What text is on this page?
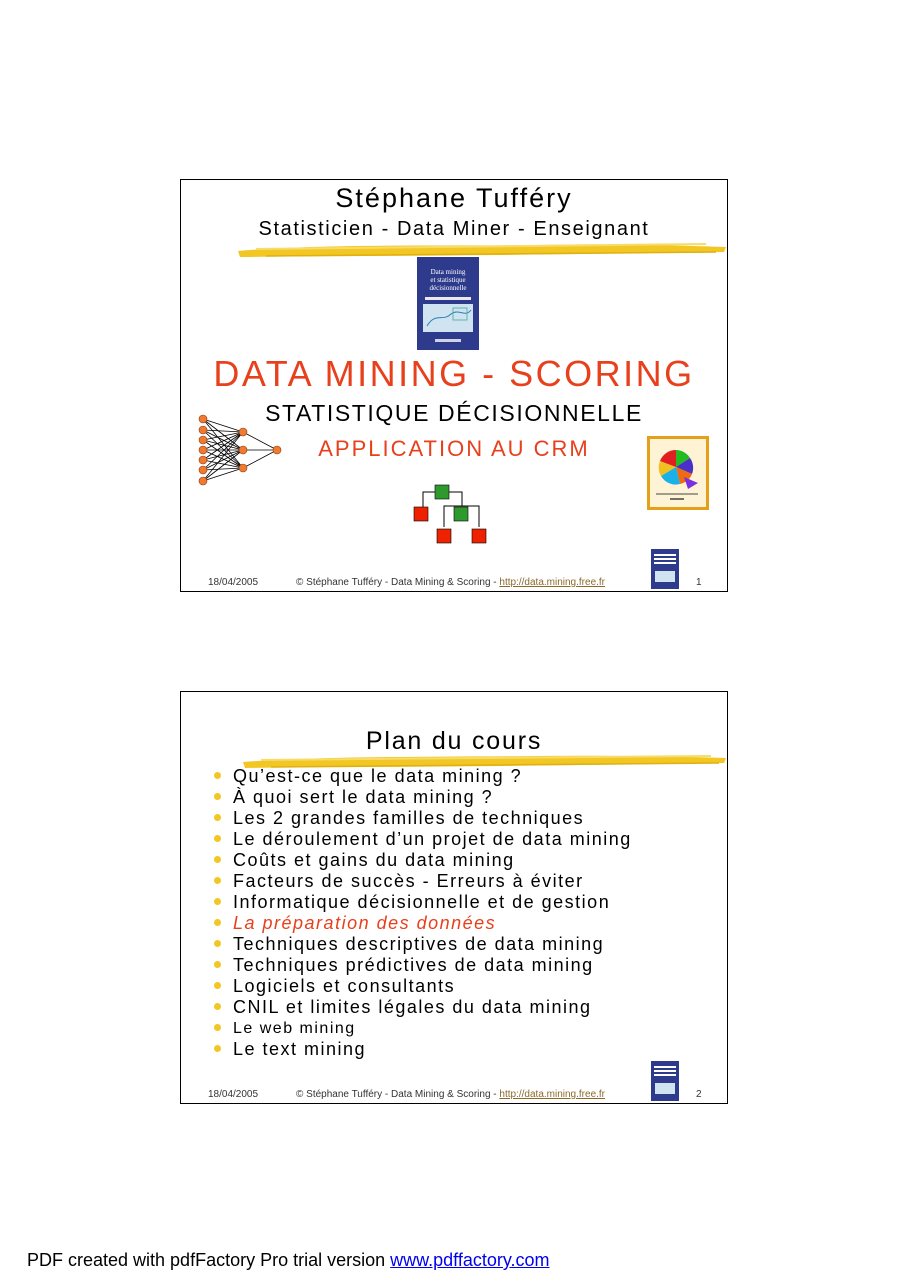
Stéphane Tufféry
Statisticien - Data Miner - Enseignant
Data mining
et statistique
décisionnelle
DATA MINING - SCORING
STATISTIQUE DÉCISIONNELLE
APPLICATION AU CRM
18/04/2005	© Stéphane Tufféry - Data Mining & Scoring - http://data.mining.free.fr	1
Plan du cours
Qu’est-ce que le data mining ?
À quoi sert le data mining ?
Les 2 grandes familles de techniques
Le déroulement d’un projet de data mining
Coûts et gains du data mining
Facteurs de succès - Erreurs à éviter
Informatique décisionnelle et de gestion
La préparation des données
Techniques descriptives de data mining
Techniques prédictives de data mining
Logiciels et consultants
CNIL et limites légales du data mining
Le web mining
Le text mining
18/04/2005	© Stéphane Tufféry - Data Mining & Scoring - http://data.mining.free.fr	2
PDF created with pdfFactory Pro trial version www.pdffactory.com
